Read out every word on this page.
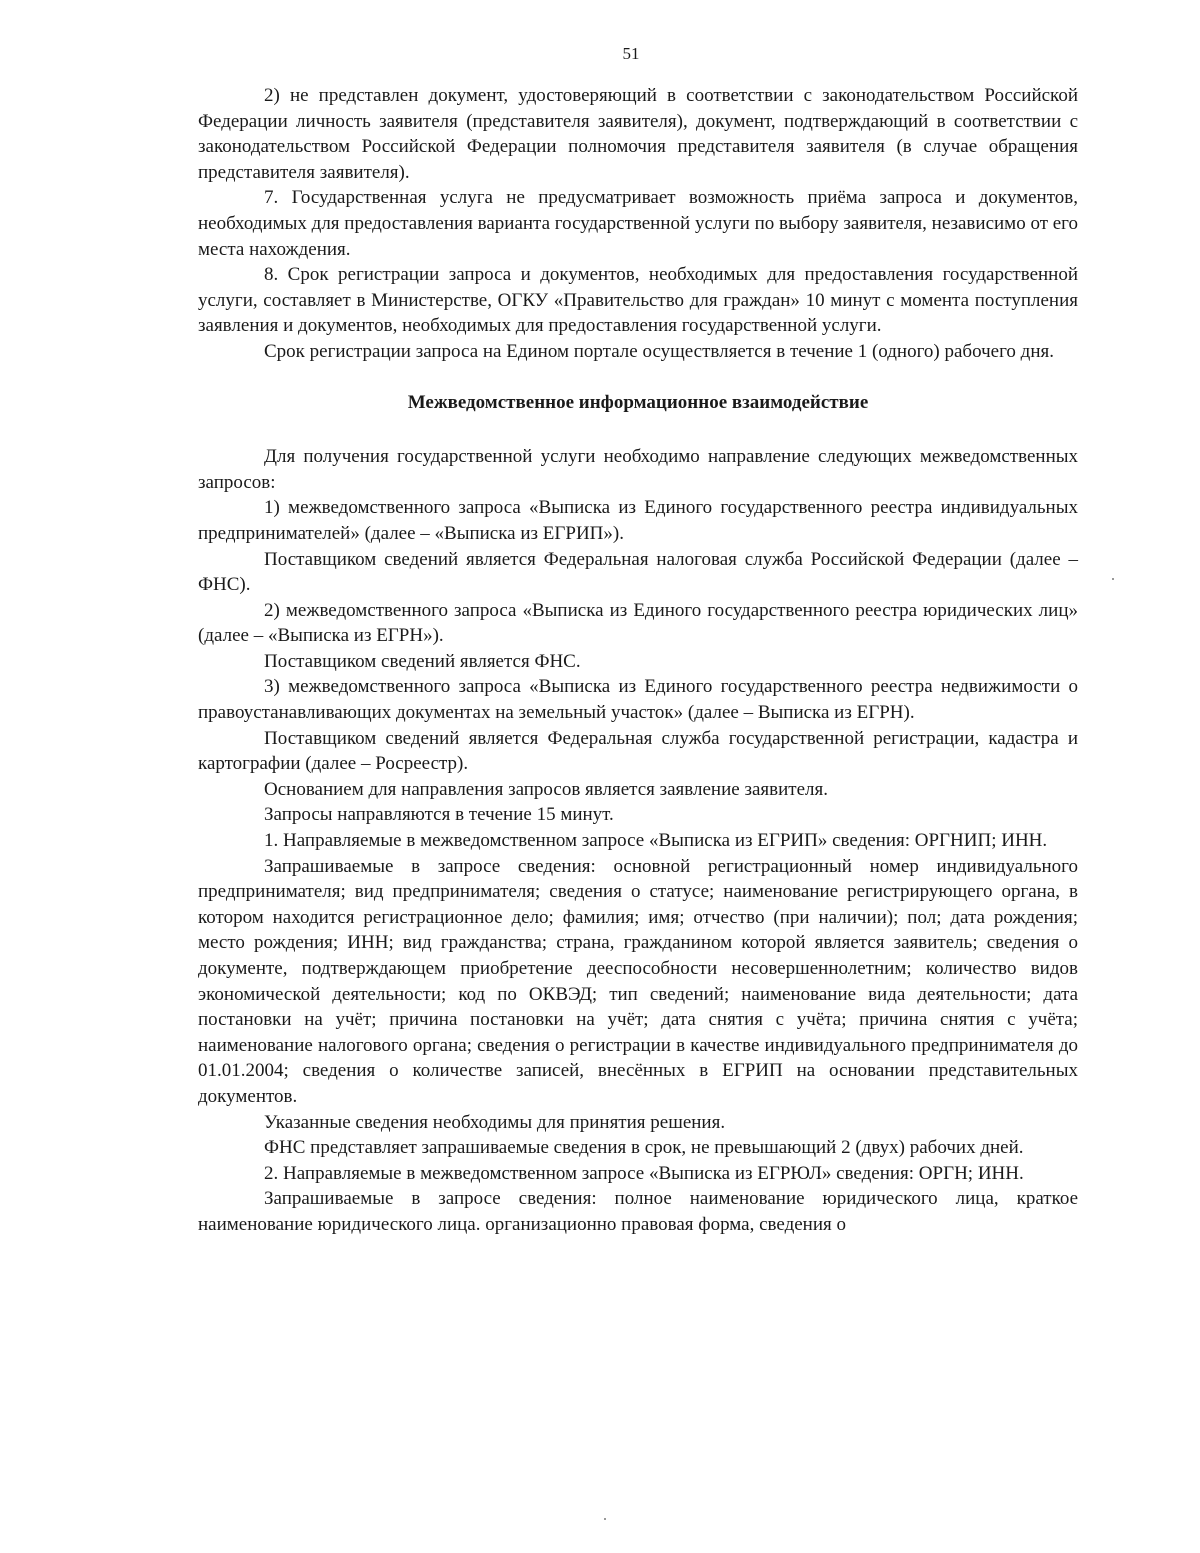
51

2) не представлен документ, удостоверяющий в соответствии с законодательством Российской Федерации личность заявителя (представителя заявителя), документ, подтверждающий в соответствии с законодательством Российской Федерации полномочия представителя заявителя (в случае обращения представителя заявителя).

7. Государственная услуга не предусматривает возможность приёма запроса и документов, необходимых для предоставления варианта государственной услуги по выбору заявителя, независимо от его места нахождения.

8. Срок регистрации запроса и документов, необходимых для предоставления государственной услуги, составляет в Министерстве, ОГКУ «Правительство для граждан» 10 минут с момента поступления заявления и документов, необходимых для предоставления государственной услуги.

Срок регистрации запроса на Едином портале осуществляется в течение 1 (одного) рабочего дня.

Межведомственное информационное взаимодействие

Для получения государственной услуги необходимо направление следующих межведомственных запросов:

1) межведомственного запроса «Выписка из Единого государственного реестра индивидуальных предпринимателей» (далее – «Выписка из ЕГРИП»).

Поставщиком сведений является Федеральная налоговая служба Российской Федерации (далее – ФНС).

2) межведомственного запроса «Выписка из Единого государственного реестра юридических лиц» (далее – «Выписка из ЕГРН»).

Поставщиком сведений является ФНС.

3) межведомственного запроса «Выписка из Единого государственного реестра недвижимости о правоустанавливающих документах на земельный участок» (далее – Выписка из ЕГРН).

Поставщиком сведений является Федеральная служба государственной регистрации, кадастра и картографии (далее – Росреестр).

Основанием для направления запросов является заявление заявителя.

Запросы направляются в течение 15 минут.

1. Направляемые в межведомственном запросе «Выписка из ЕГРИП» сведения: ОРГНИП; ИНН.

Запрашиваемые в запросе сведения: основной регистрационный номер индивидуального предпринимателя; вид предпринимателя; сведения о статусе; наименование регистрирующего органа, в котором находится регистрационное дело; фамилия; имя; отчество (при наличии); пол; дата рождения; место рождения; ИНН; вид гражданства; страна, гражданином которой является заявитель; сведения о документе, подтверждающем приобретение дееспособности несовершеннолетним; количество видов экономической деятельности; код по ОКВЭД; тип сведений; наименование вида деятельности; дата постановки на учёт; причина постановки на учёт; дата снятия с учёта; причина снятия с учёта; наименование налогового органа; сведения о регистрации в качестве индивидуального предпринимателя до 01.01.2004; сведения о количестве записей, внесённых в ЕГРИП на основании представительных документов.

Указанные сведения необходимы для принятия решения.

ФНС представляет запрашиваемые сведения в срок, не превышающий 2 (двух) рабочих дней.

2. Направляемые в межведомственном запросе «Выписка из ЕГРЮЛ» сведения: ОРГН; ИНН.

Запрашиваемые в запросе сведения: полное наименование юридического лица, краткое наименование юридического лица. организационно правовая форма, сведения о
